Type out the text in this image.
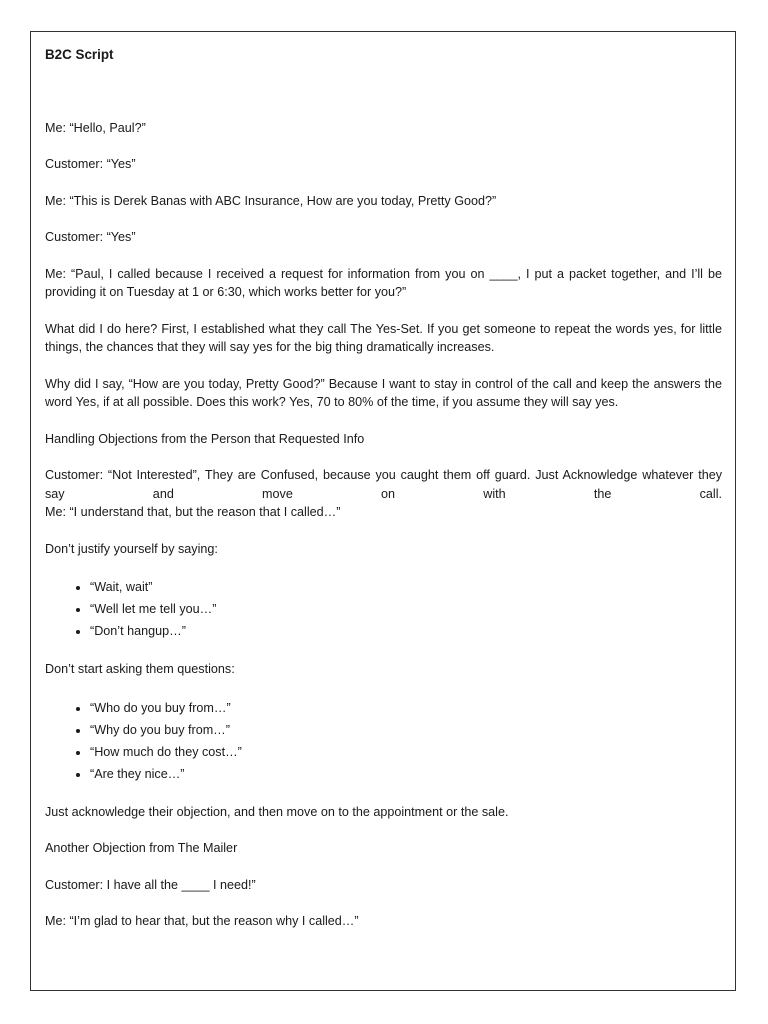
B2C Script
Me: “Hello, Paul?”
Customer: “Yes”
Me: “This is Derek Banas with ABC Insurance, How are you today, Pretty Good?”
Customer: “Yes”
Me: “Paul, I called because I received a request for information from you on ____, I put a packet together, and I’ll be providing it on Tuesday at 1 or 6:30, which works better for you?”
What did I do here? First, I established what they call The Yes-Set. If you get someone to repeat the words yes, for little things, the chances that they will say yes for the big thing dramatically increases.
Why did I say, “How are you today, Pretty Good?” Because I want to stay in control of the call and keep the answers the word Yes, if at all possible. Does this work? Yes, 70 to 80% of the time, if you assume they will say yes.
Handling Objections from the Person that Requested Info
Customer: “Not Interested”, They are Confused, because you caught them off guard. Just Acknowledge whatever they say and move on with the call.
Me: “I understand that, but the reason that I called…”
Don’t justify yourself by saying:
• “Wait, wait”
• “Well let me tell you…”
• “Don’t hangup…”
Don’t start asking them questions:
• “Who do you buy from…”
• “Why do you buy from…”
• “How much do they cost…”
• “Are they nice…”
Just acknowledge their objection, and then move on to the appointment or the sale.
Another Objection from The Mailer
Customer: I have all the ____ I need!”
Me: “I’m glad to hear that, but the reason why I called…”
